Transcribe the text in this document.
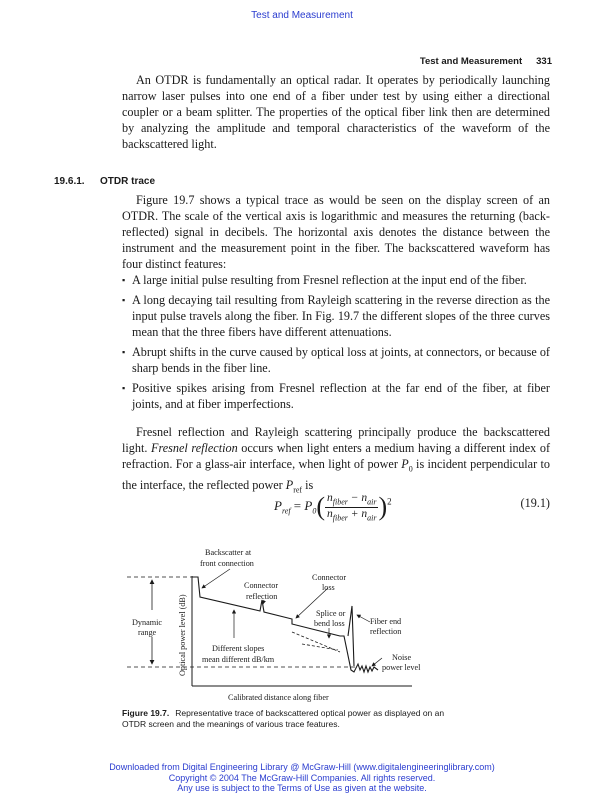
Test and Measurement
Test and Measurement 331

An OTDR is fundamentally an optical radar. It operates by periodically launching narrow laser pulses into one end of a fiber under test by using either a directional coupler or a beam splitter. The properties of the optical fiber link then are determined by analyzing the amplitude and temporal characteristics of the waveform of the backscattered light.

19.6.1. OTDR trace

Figure 19.7 shows a typical trace as would be seen on the display screen of an OTDR. The scale of the vertical axis is logarithmic and measures the returning (back-reflected) signal in decibels. The horizontal axis denotes the distance between the instrument and the measurement point in the fiber. The backscattered waveform has four distinct features:

▪ A large initial pulse resulting from Fresnel reflection at the input end of the fiber.
▪ A long decaying tail resulting from Rayleigh scattering in the reverse direction as the input pulse travels along the fiber. In Fig. 19.7 the different slopes of the three curves mean that the three fibers have different attenuations.
▪ Abrupt shifts in the curve caused by optical loss at joints, at connectors, or because of sharp bends in the fiber line.
▪ Positive spikes arising from Fresnel reflection at the far end of the fiber, at fiber joints, and at fiber imperfections.

Fresnel reflection and Rayleigh scattering principally produce the backscattered light. Fresnel reflection occurs when light enters a medium having a different index of refraction. For a glass-air interface, when light of power $P_0$ is incident perpendicular to the interface, the reflected power $P_{ref}$ is

$P_{ref} = P_0( \frac{n_{fiber} - n_{air}}{n_{fiber} + n_{air}} )^2$	(19.1)
Backscatter at
front connection
Connector
reflection
Connector
loss
Splice or
bend loss	Fiber end
reflection
Dynamic
range
Different slopes
mean different dB/km	Noise
power level
Optical power level (dB)
Calibrated distance along fiber
Figure 19.7. Representative trace of backscattered optical power as displayed on an OTDR screen and the meanings of various trace features.
Downloaded from Digital Engineering Library @ McGraw-Hill (www.digitalengineeringlibrary.com)
Copyright © 2004 The McGraw-Hill Companies. All rights reserved.
Any use is subject to the Terms of Use as given at the website.
